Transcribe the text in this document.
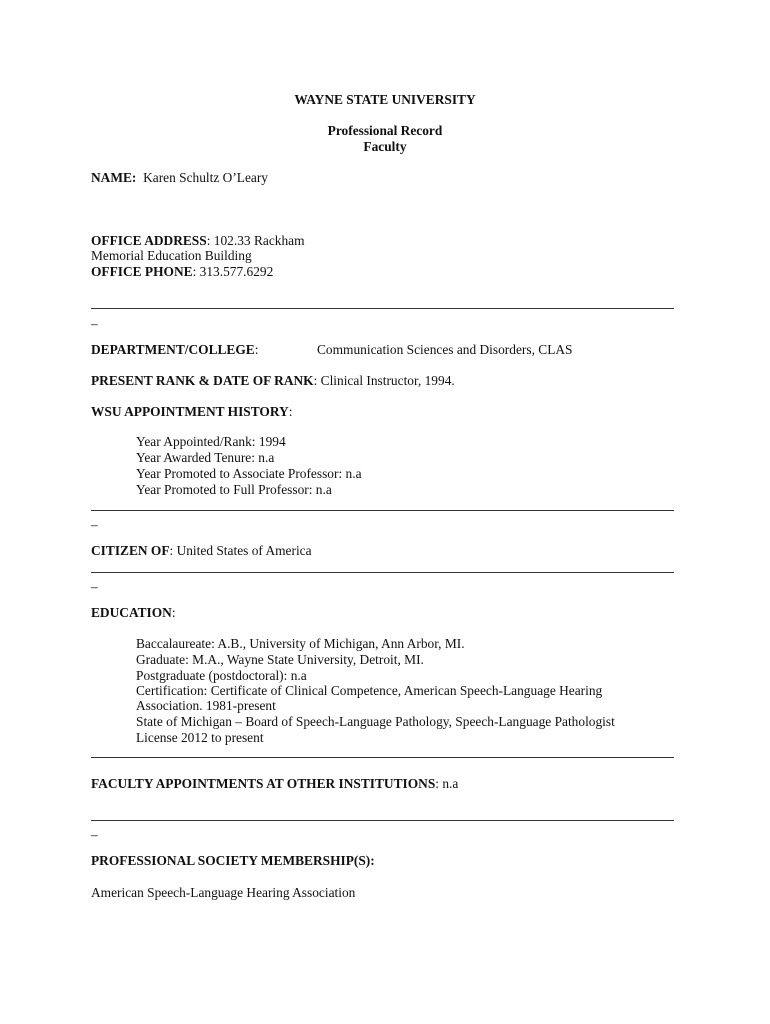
WAYNE STATE UNIVERSITY
Professional Record
Faculty
NAME: Karen Schultz O’Leary
OFFICE ADDRESS: 102.33 Rackham
Memorial Education Building
OFFICE PHONE: 313.577.6292
–
DEPARTMENT/COLLEGE:	Communication Sciences and Disorders, CLAS
PRESENT RANK & DATE OF RANK: Clinical Instructor, 1994.
WSU APPOINTMENT HISTORY:
Year Appointed/Rank: 1994
Year Awarded Tenure: n.a
Year Promoted to Associate Professor: n.a
Year Promoted to Full Professor: n.a
–
CITIZEN OF: United States of America
–
EDUCATION:
Baccalaureate: A.B., University of Michigan, Ann Arbor, MI.
Graduate: M.A., Wayne State University, Detroit, MI.
Postgraduate (postdoctoral): n.a
Certification: Certificate of Clinical Competence, American Speech-Language Hearing
Association. 1981-present
State of Michigan – Board of Speech-Language Pathology, Speech-Language Pathologist
License 2012 to present
FACULTY APPOINTMENTS AT OTHER INSTITUTIONS: n.a
–
PROFESSIONAL SOCIETY MEMBERSHIP(S):
American Speech-Language Hearing Association
